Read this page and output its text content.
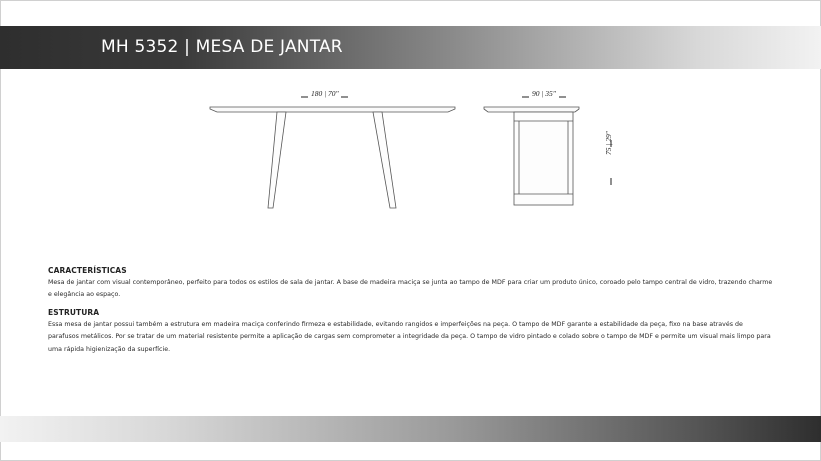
MH 5352 | MESA DE JANTAR
180 | 70"	90 | 35"
75 | 29"
CARACTERÍSTICAS
Mesa de jantar com visual contemporâneo, perfeito para todos os estilos de sala de jantar. A base de madeira maciça se junta ao tampo de MDF para criar um produto único, coroado pelo tampo central de vidro, trazendo charme e elegância ao espaço.
ESTRUTURA
Essa mesa de jantar possui também a estrutura em madeira maciça conferindo firmeza e estabilidade, evitando rangidos e imperfeições na peça. O tampo de MDF garante a estabilidade da peça, fixo na base através de parafusos metálicos. Por se tratar de um material resistente permite a aplicação de cargas sem comprometer a integridade da peça. O tampo de vidro pintado e colado sobre o tampo de MDF e permite um visual mais limpo para uma rápida higienização da superfície.
